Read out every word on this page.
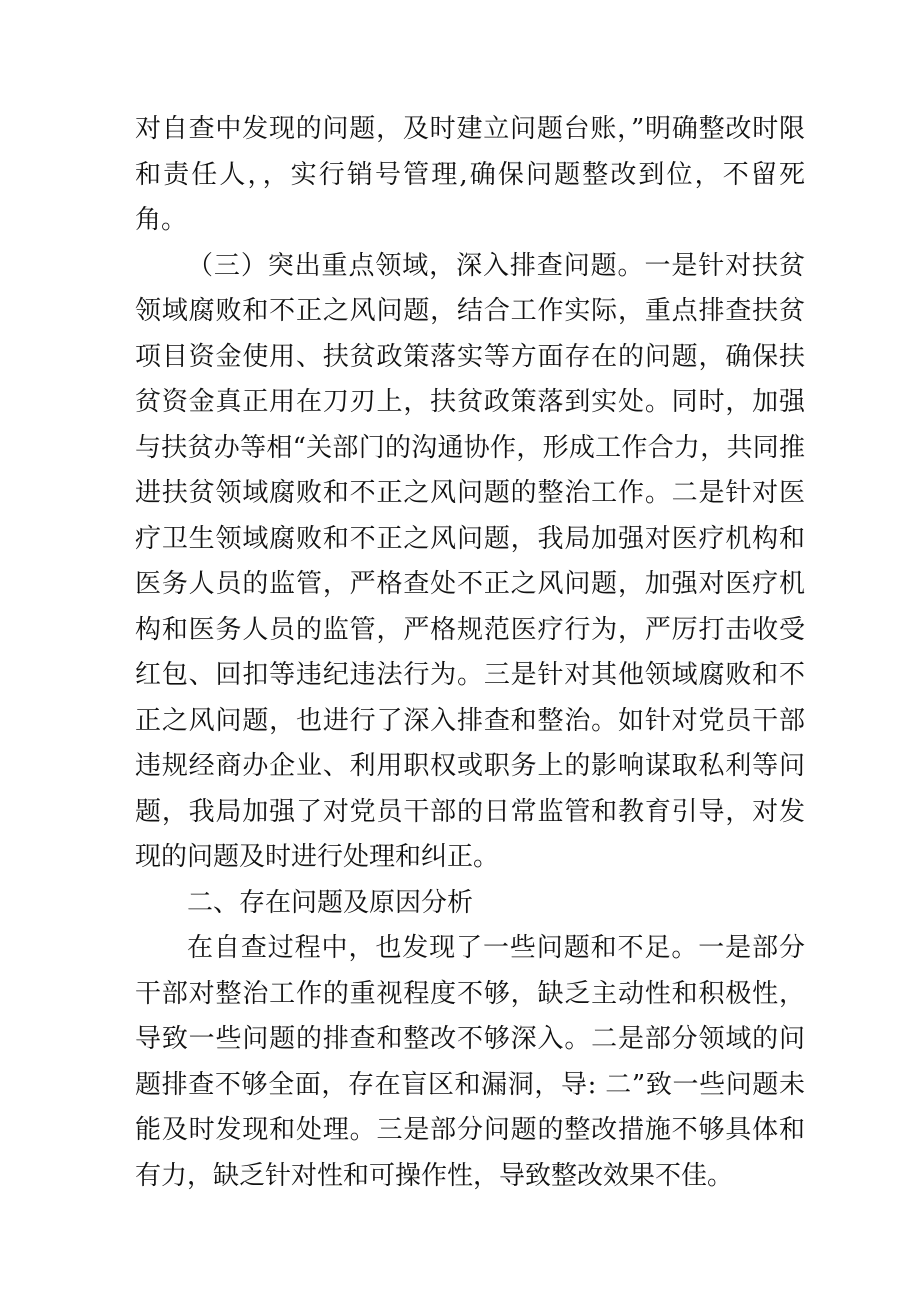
对自查中发现的问题，及时建立问题台账，”明确整改时限和责任人，，实行销号管理,确保问题整改到位，不留死角。

（三）突出重点领域，深入排查问题。一是针对扶贫领域腐败和不正之风问题，结合工作实际，重点排查扶贫项目资金使用、扶贫政策落实等方面存在的问题，确保扶贫资金真正用在刀刃上，扶贫政策落到实处。同时，加强与扶贫办等相“关部门的沟通协作，形成工作合力，共同推进扶贫领域腐败和不正之风问题的整治工作。二是针对医疗卫生领域腐败和不正之风问题，我局加强对医疗机构和医务人员的监管，严格查处不正之风问题，加强对医疗机构和医务人员的监管，严格规范医疗行为，严厉打击收受红包、回扣等违纪违法行为。三是针对其他领域腐败和不正之风问题，也进行了深入排查和整治。如针对党员干部违规经商办企业、利用职权或职务上的影响谋取私利等问题，我局加强了对党员干部的日常监管和教育引导，对发现的问题及时进行处理和纠正。

二、存在问题及原因分析

在自查过程中，也发现了一些问题和不足。一是部分干部对整治工作的重视程度不够，缺乏主动性和积极性，导致一些问题的排查和整改不够深入。二是部分领域的问题排查不够全面，存在盲区和漏洞，导: 二”致一些问题未能及时发现和处理。三是部分问题的整改措施不够具体和有力，缺乏针对性和可操作性，导致整改效果不佳。
